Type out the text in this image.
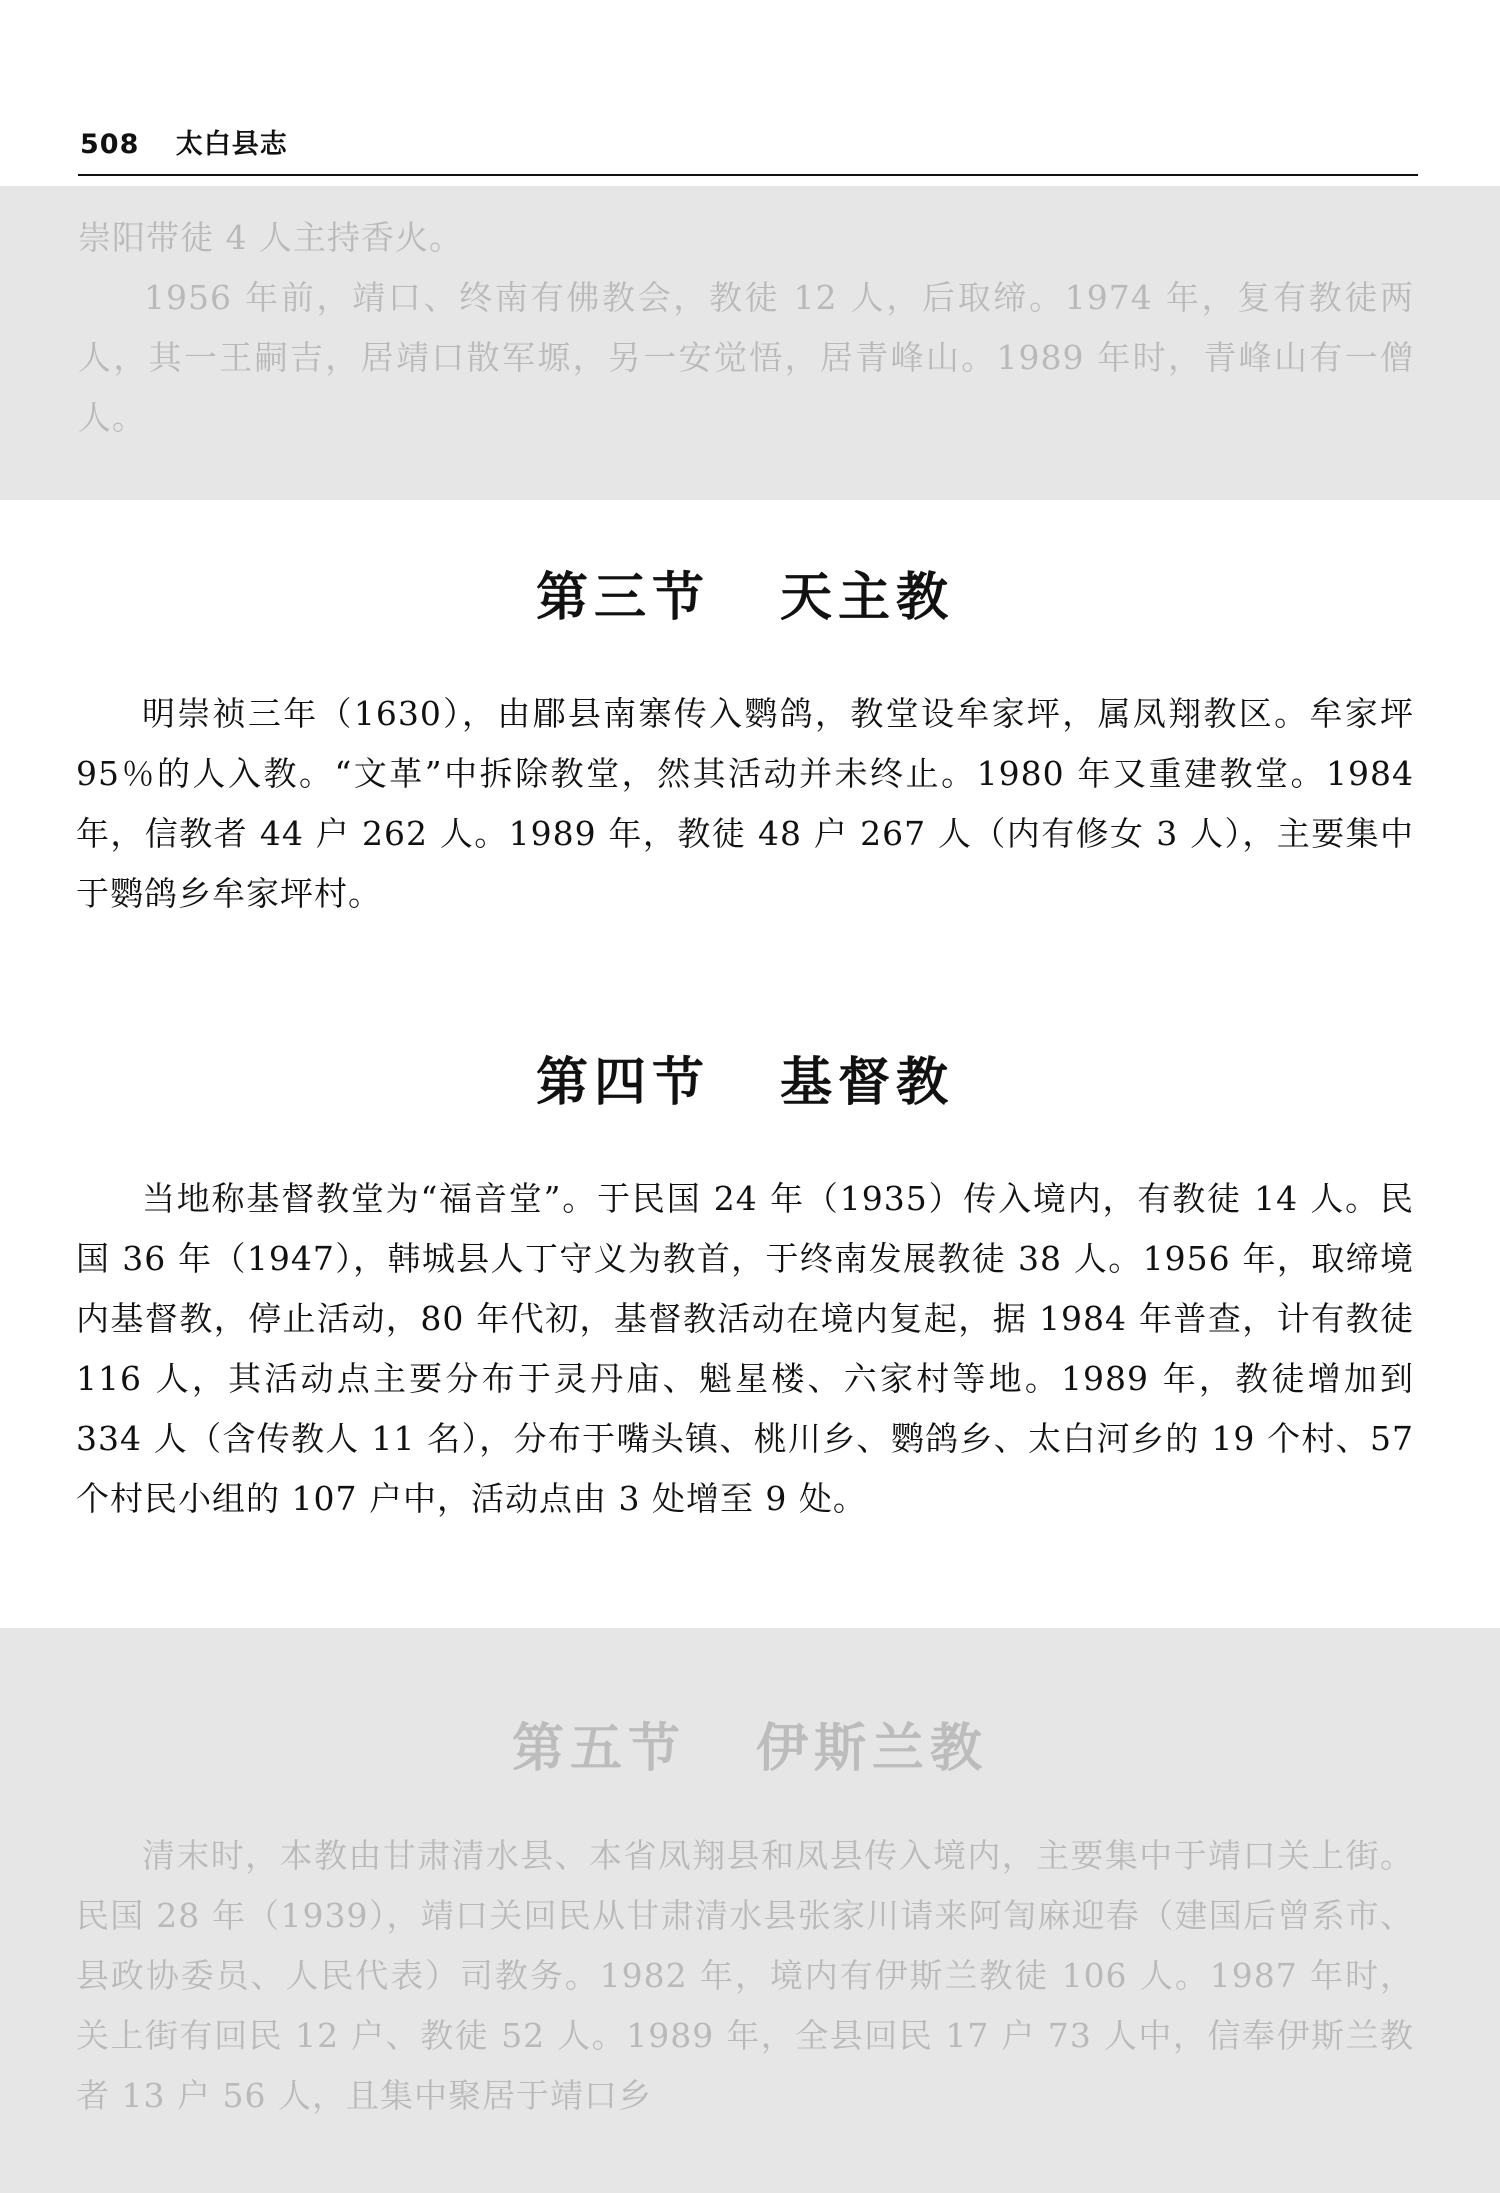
508 太白县志

崇阳带徒 4 人主持香火。

1956 年前，靖口、终南有佛教会，教徒 12 人，后取缔。1974 年，复有教徒两人，其一王嗣吉，居靖口散军塬，另一安觉悟，居青峰山。1989 年时，青峰山有一僧人。

第三节 天主教

明崇祯三年（1630），由郿县南寨传入鹦鸽，教堂设牟家坪，属凤翔教区。牟家坪 95％的人入教。“文革”中拆除教堂，然其活动并未终止。1980 年又重建教堂。1984 年，信教者 44 户 262 人。1989 年，教徒 48 户 267 人（内有修女 3 人），主要集中于鹦鸽乡牟家坪村。

第四节 基督教

当地称基督教堂为“福音堂”。于民国 24 年（1935）传入境内，有教徒 14 人。民国 36 年（1947），韩城县人丁守义为教首，于终南发展教徒 38 人。1956 年，取缔境内基督教，停止活动，80 年代初，基督教活动在境内复起，据 1984 年普查，计有教徒 116 人，其活动点主要分布于灵丹庙、魁星楼、六家村等地。1989 年，教徒增加到 334 人（含传教人 11 名），分布于嘴头镇、桃川乡、鹦鸽乡、太白河乡的 19 个村、57 个村民小组的 107 户中，活动点由 3 处增至 9 处。

第五节 伊斯兰教

清末时，本教由甘肃清水县、本省凤翔县和凤县传入境内，主要集中于靖口关上街。民国 28 年（1939），靖口关回民从甘肃清水县张家川请来阿訇麻迎春（建国后曾系市、县政协委员、人民代表）司教务。1982 年，境内有伊斯兰教徒 106 人。1987 年时，关上街有回民 12 户、教徒 52 人。1989 年，全县回民 17 户 73 人中，信奉伊斯兰教者 13 户 56 人，且集中聚居于靖口乡
